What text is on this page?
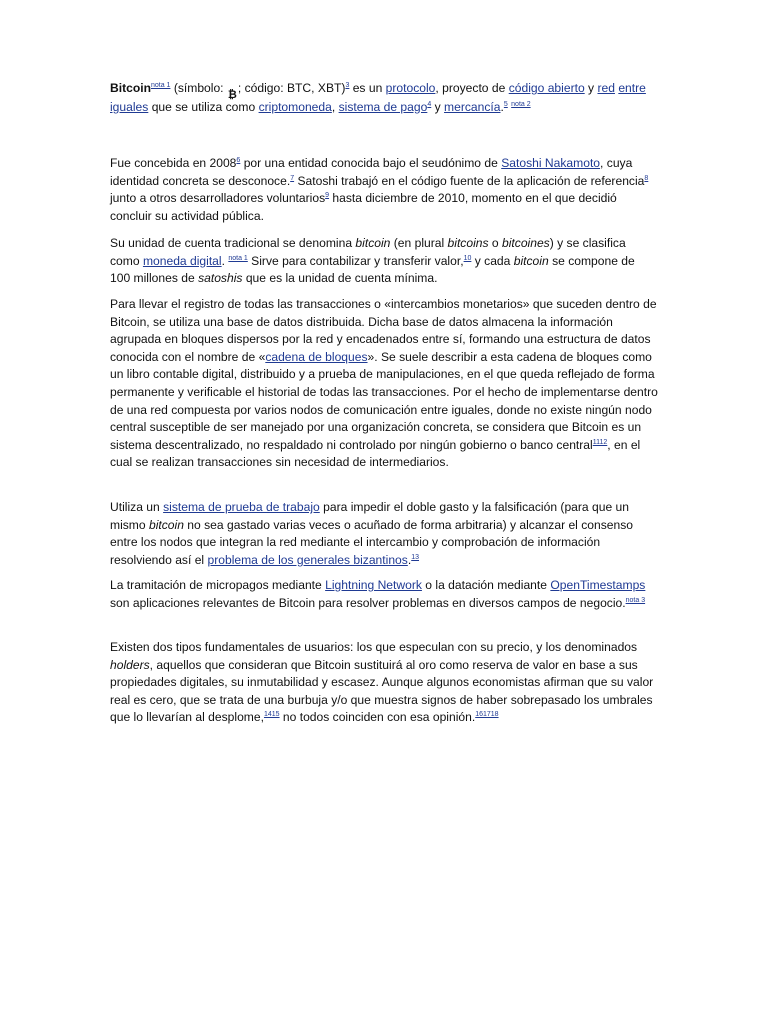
Bitcoin$^{nota 1}$ (símbolo: ₿; código: BTC, XBT)$^3$ es un protocolo, proyecto de código abierto y red entre iguales que se utiliza como criptomoneda, sistema de pago$^4$ y mercancía.$^5$ $^{nota 2}$

Fue concebida en 2008$^6$ por una entidad conocida bajo el seudónimo de Satoshi Nakamoto, cuya identidad concreta se desconoce.$^7$ Satoshi trabajó en el código fuente de la aplicación de referencia$^8$ junto a otros desarrolladores voluntarios$^9$ hasta diciembre de 2010, momento en el que decidió concluir su actividad pública.

Su unidad de cuenta tradicional se denomina bitcoin (en plural bitcoins o bitcoines) y se clasifica como moneda digital. $^{nota 1}$ Sirve para contabilizar y transferir valor,$^{10}$ y cada bitcoin se compone de 100 millones de satoshis que es la unidad de cuenta mínima.

Para llevar el registro de todas las transacciones o «intercambios monetarios» que suceden dentro de Bitcoin, se utiliza una base de datos distribuida. Dicha base de datos almacena la información agrupada en bloques dispersos por la red y encadenados entre sí, formando una estructura de datos conocida con el nombre de «cadena de bloques». Se suele describir a esta cadena de bloques como un libro contable digital, distribuido y a prueba de manipulaciones, en el que queda reflejado de forma permanente y verificable el historial de todas las transacciones. Por el hecho de implementarse dentro de una red compuesta por varios nodos de comunicación entre iguales, donde no existe ningún nodo central susceptible de ser manejado por una organización concreta, se considera que Bitcoin es un sistema descentralizado, no respaldado ni controlado por ningún gobierno o banco central$^{1112}$, en el cual se realizan transacciones sin necesidad de intermediarios.

Utiliza un sistema de prueba de trabajo para impedir el doble gasto y la falsificación (para que un mismo bitcoin no sea gastado varias veces o acuñado de forma arbitraria) y alcanzar el consenso entre los nodos que integran la red mediante el intercambio y comprobación de información resolviendo así el problema de los generales bizantinos.$^{13}$

La tramitación de micropagos mediante Lightning Network o la datación mediante OpenTimestamps son aplicaciones relevantes de Bitcoin para resolver problemas en diversos campos de negocio.$^{nota 3}$

Existen dos tipos fundamentales de usuarios: los que especulan con su precio, y los denominados holders, aquellos que consideran que Bitcoin sustituirá al oro como reserva de valor en base a sus propiedades digitales, su inmutabilidad y escasez. Aunque algunos economistas afirman que su valor real es cero, que se trata de una burbuja y/o que muestra signos de haber sobrepasado los umbrales que lo llevarían al desplome,$^{1415}$ no todos coinciden con esa opinión.$^{161718}$
